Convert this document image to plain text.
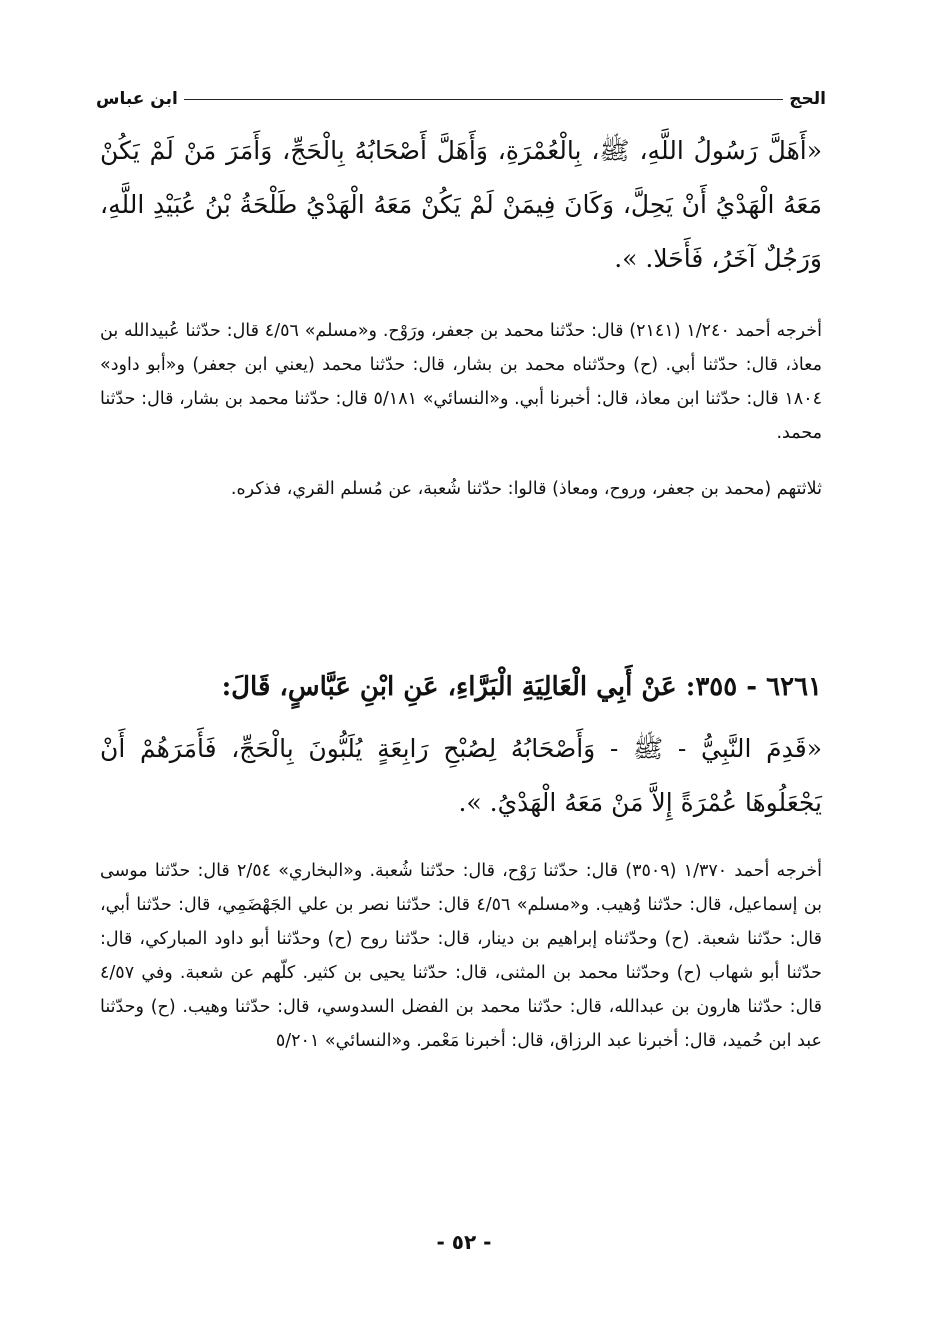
الحج
ابن عباس
«أَهَلَّ رَسُولُ اللَّهِ، ﷺ، بِالْعُمْرَةِ، وَأَهَلَّ أَصْحَابُهُ بِالْحَجِّ، وَأَمَرَ مَنْ لَمْ يَكُنْ مَعَهُ الْهَدْيُ أَنْ يَحِلَّ، وَكَانَ فِيمَنْ لَمْ يَكُنْ مَعَهُ الْهَدْيُ طَلْحَةُ بْنُ عُبَيْدِ اللَّهِ، وَرَجُلٌ آخَرُ، فَأَحَلا. ».

أخرجه أحمد ١/٢٤٠ (٢١٤١) قال: حدّثنا محمد بن جعفر، ورَوْح. و«مسلم» ٤/٥٦ قال: حدّثنا عُبيدالله بن معاذ، قال: حدّثنا أبي. (ح) وحدّثناه محمد بن بشار، قال: حدّثنا محمد (يعني ابن جعفر) و«أبو داود» ١٨٠٤ قال: حدّثنا ابن معاذ، قال: أخبرنا أبي. و«النسائي» ٥/١٨١ قال: حدّثنا محمد بن بشار، قال: حدّثنا محمد.

ثلاثتهم (محمد بن جعفر، وروح، ومعاذ) قالوا: حدّثنا شُعبة، عن مُسلم القري، فذكره.

٦٢٦١ - ٣٥٥: عَنْ أَبِي الْعَالِيَةِ الْبَرَّاءِ، عَنِ ابْنِ عَبَّاسٍ، قَالَ:
«قَدِمَ النَّبِيُّ - ﷺ - وَأَصْحَابُهُ لِصُبْحِ رَابِعَةٍ يُلَبُّونَ بِالْحَجِّ، فَأَمَرَهُمْ أَنْ يَجْعَلُوهَا عُمْرَةً إِلاَّ مَنْ مَعَهُ الْهَدْيُ. ».

أخرجه أحمد ١/٣٧٠ (٣٥٠٩) قال: حدّثنا رَوْح، قال: حدّثنا شُعبة. و«البخاري» ٢/٥٤ قال: حدّثنا موسى بن إسماعيل، قال: حدّثنا وُهيب. و«مسلم» ٤/٥٦ قال: حدّثنا نصر بن علي الجَهْضَمِي، قال: حدّثنا أبي، قال: حدّثنا شعبة. (ح) وحدّثناه إبراهيم بن دينار، قال: حدّثنا روح (ح) وحدّثنا أبو داود المباركي، قال: حدّثنا أبو شهاب (ح) وحدّثنا محمد بن المثنى، قال: حدّثنا يحيى بن كثير. كلّهم عن شعبة. وفي ٤/٥٧ قال: حدّثنا هارون بن عبدالله، قال: حدّثنا محمد بن الفضل السدوسي، قال: حدّثنا وهيب. (ح) وحدّثنا عبد ابن حُميد، قال: أخبرنا عبد الرزاق، قال: أخبرنا مَعْمر. و«النسائي» ٥/٢٠١

- ٥٢ -
